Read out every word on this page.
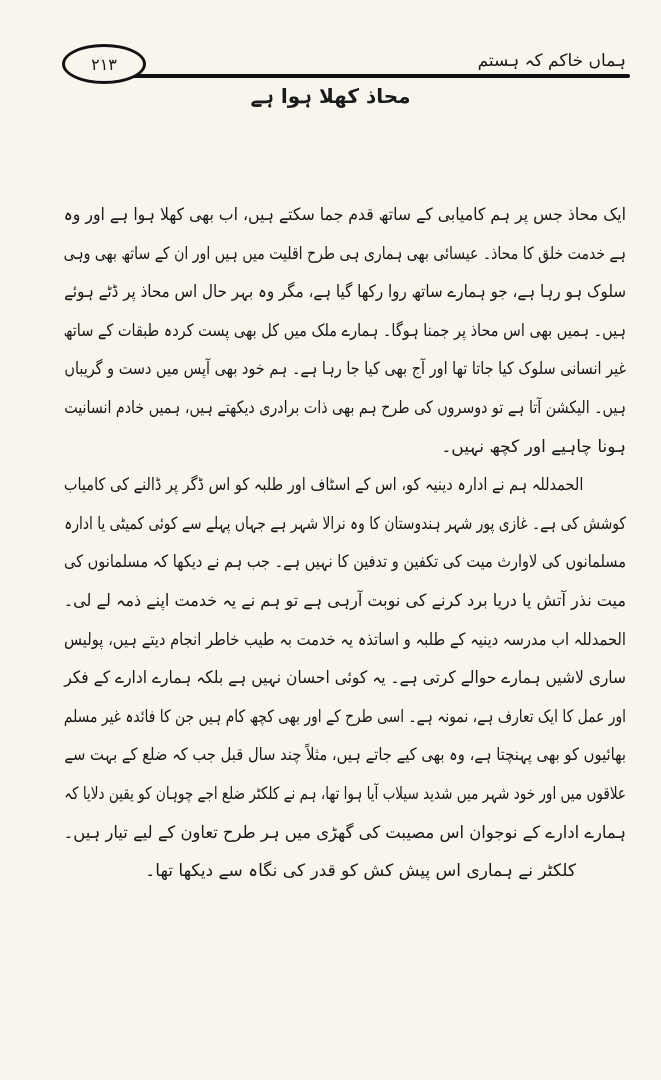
۲۱۳	ہماں خاکم کہ ہستم
محاذ کھلا ہوا ہے
ایک محاذ جس پر ہم کامیابی کے ساتھ قدم جما سکتے ہیں، اب بھی کھلا ہوا ہے اور وہ
ہے خدمت خلق کا محاذ۔ عیسائی بھی ہماری ہی طرح اقلیت میں ہیں اور ان کے ساتھ بھی وہی
سلوک ہو رہا ہے، جو ہمارے ساتھ روا رکھا گیا ہے، مگر وہ بہر حال اس محاذ پر ڈٹے ہوئے
ہیں۔ ہمیں بھی اس محاذ پر جمنا ہوگا۔ ہمارے ملک میں کل بھی پست کردہ طبقات کے ساتھ
غیر انسانی سلوک کیا جاتا تھا اور آج بھی کیا جا رہا ہے۔ ہم خود بھی آپس میں دست و گریباں
ہیں۔ الیکشن آتا ہے تو دوسروں کی طرح ہم بھی ذات برادری دیکھتے ہیں، ہمیں خادم انسانیت
ہونا چاہیے اور کچھ نہیں۔
الحمدللہ ہم نے ادارہ دینیہ کو، اس کے اسٹاف اور طلبہ کو اس ڈگر پر ڈالنے کی کامیاب
کوشش کی ہے۔ غازی پور شہر ہندوستان کا وہ نرالا شہر ہے جہاں پہلے سے کوئی کمیٹی یا ادارہ
مسلمانوں کی لاوارث میت کی تکفین و تدفین کا نہیں ہے۔ جب ہم نے دیکھا کہ مسلمانوں کی
میت نذر آتش یا دریا برد کرنے کی نوبت آرہی ہے تو ہم نے یہ خدمت اپنے ذمہ لے لی۔
الحمدللہ اب مدرسہ دینیہ کے طلبہ و اساتذہ یہ خدمت بہ طیب خاطر انجام دیتے ہیں، پولیس
ساری لاشیں ہمارے حوالے کرتی ہے۔ یہ کوئی احسان نہیں ہے بلکہ ہمارے ادارے کے فکر
اور عمل کا ایک تعارف ہے، نمونہ ہے۔ اسی طرح کے اور بھی کچھ کام ہیں جن کا فائدہ غیر مسلم
بھائیوں کو بھی پہنچتا ہے، وہ بھی کیے جاتے ہیں، مثلاً چند سال قبل جب کہ ضلع کے بہت سے
علاقوں میں اور خود شہر میں شدید سیلاب آیا ہوا تھا، ہم نے کلکٹر ضلع اجے چوہان کو یقین دلایا کہ
ہمارے ادارے کے نوجوان اس مصیبت کی گھڑی میں ہر طرح تعاون کے لیے تیار ہیں۔
کلکٹر نے ہماری اس پیش کش کو قدر کی نگاہ سے دیکھا تھا۔
